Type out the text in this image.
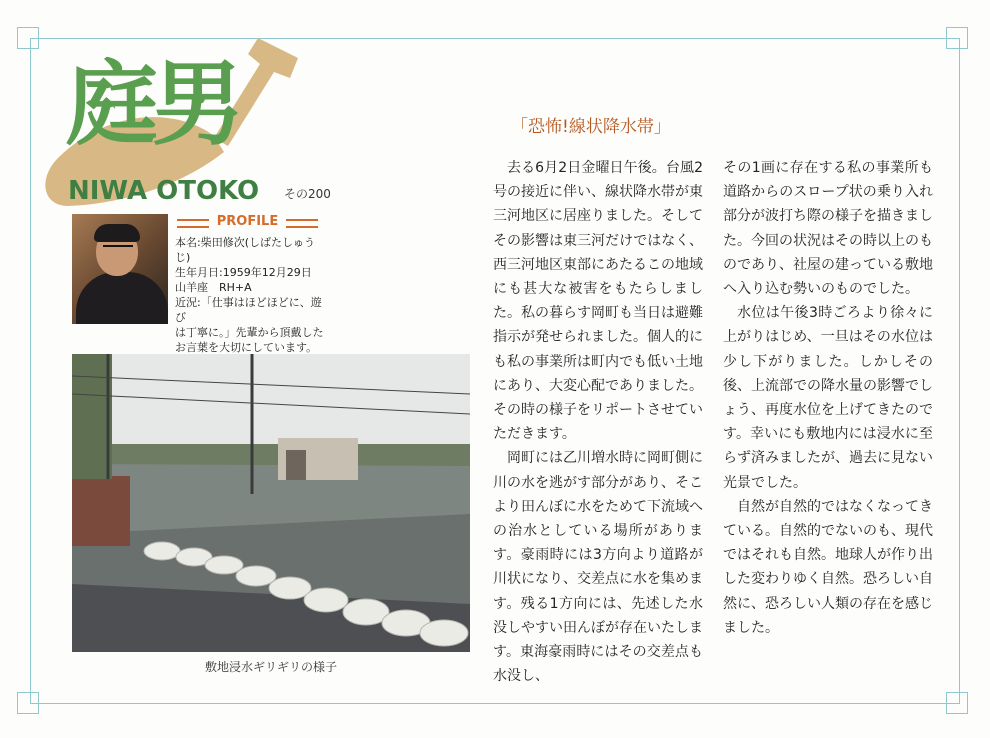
庭男
NIWA OTOKO その200
PROFILE
本名:柴田修次(しばたしゅうじ)
生年月日:1959年12月29日
山羊座　RH+A
近況:「仕事はほどほどに、遊び
は丁寧に。」先輩から頂戴した
お言葉を大切にしています。
敷地浸水ギリギリの様子
「恐怖!線状降水帯」

去る6月2日金曜日午後。台風2号の接近に伴い、線状降水帯が東三河地区に居座りました。そしてその影響は東三河だけではなく、西三河地区東部にあたるこの地域にも甚大な被害をもたらしました。私の暮らす岡町も当日は避難指示が発せられました。個人的にも私の事業所は町内でも低い土地にあり、大変心配でありました。その時の様子をリポートさせていただきます。

岡町には乙川増水時に岡町側に川の水を逃がす部分があり、そこより田んぼに水をためて下流域への治水としている場所があります。豪雨時には3方向より道路が川状になり、交差点に水を集めます。残る1方向には、先述した水没しやすい田んぼが存在いたします。東海豪雨時にはその交差点も水没し、

その1画に存在する私の事業所も道路からのスロープ状の乗り入れ部分が波打ち際の様子を描きました。今回の状況はその時以上のものであり、社屋の建っている敷地へ入り込む勢いのものでした。

水位は午後3時ごろより徐々に上がりはじめ、一旦はその水位は少し下がりました。しかしその後、上流部での降水量の影響でしょう、再度水位を上げてきたのです。幸いにも敷地内には浸水に至らず済みましたが、過去に見ない光景でした。

自然が自然的ではなくなってきている。自然的でないのも、現代ではそれも自然。地球人が作り出した変わりゆく自然。恐ろしい自然に、恐ろしい人類の存在を感じました。
